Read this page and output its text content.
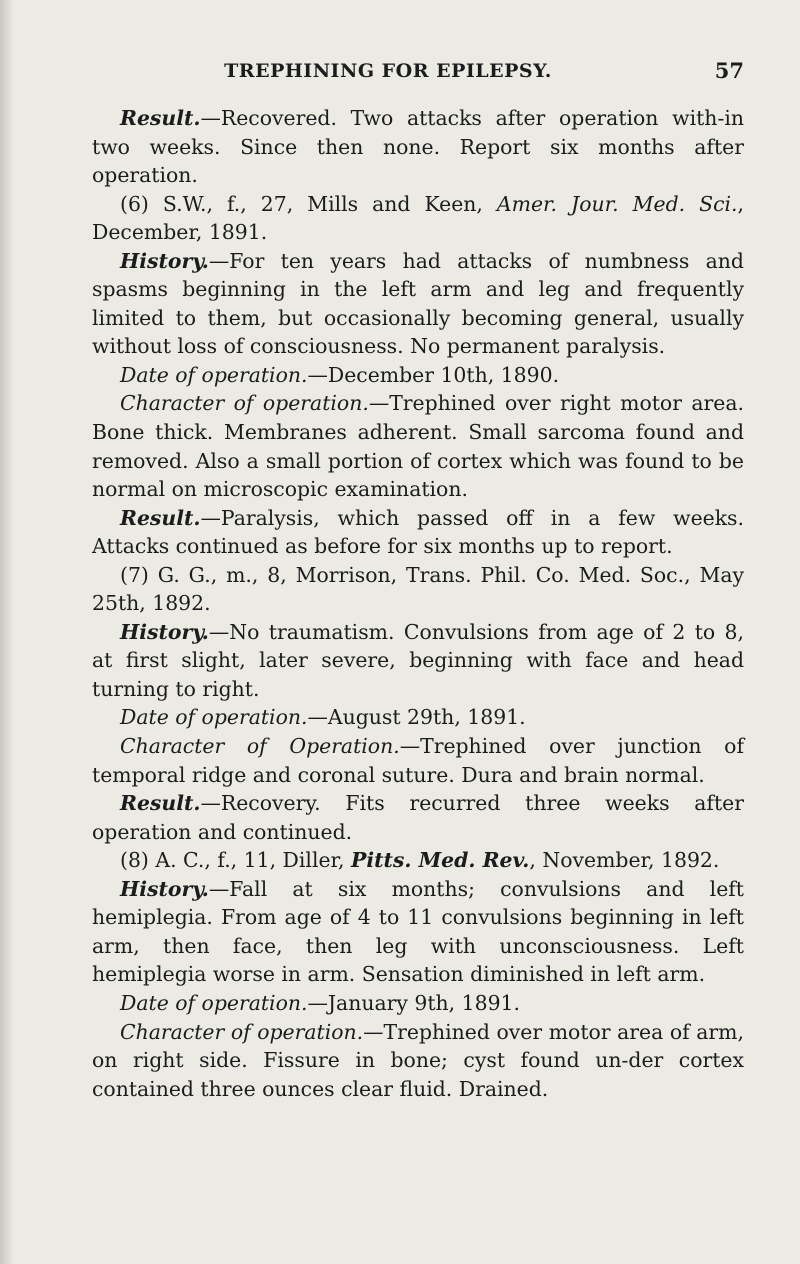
TREPHINING FOR EPILEPSY.	57

Result.—Recovered. Two attacks after operation with-in two weeks. Since then none. Report six months after operation.

(6) S.W., f., 27, Mills and Keen, Amer. Jour. Med. Sci., December, 1891.

History.—For ten years had attacks of numbness and spasms beginning in the left arm and leg and frequently limited to them, but occasionally becoming general, usually without loss of consciousness. No permanent paralysis.

Date of operation.—December 10th, 1890.

Character of operation.—Trephined over right motor area. Bone thick. Membranes adherent. Small sarcoma found and removed. Also a small portion of cortex which was found to be normal on microscopic examination.

Result.—Paralysis, which passed off in a few weeks. Attacks continued as before for six months up to report.

(7) G. G., m., 8, Morrison, Trans. Phil. Co. Med. Soc., May 25th, 1892.

History.—No traumatism. Convulsions from age of 2 to 8, at first slight, later severe, beginning with face and head turning to right.

Date of operation.—August 29th, 1891.

Character of Operation.—Trephined over junction of temporal ridge and coronal suture. Dura and brain normal.

Result.—Recovery. Fits recurred three weeks after operation and continued.

(8) A. C., f., 11, Diller, Pitts. Med. Rev., November, 1892.

History.—Fall at six months; convulsions and left hemiplegia. From age of 4 to 11 convulsions beginning in left arm, then face, then leg with unconsciousness. Left hemiplegia worse in arm. Sensation diminished in left arm.

Date of operation.—January 9th, 1891.

Character of operation.—Trephined over motor area of arm, on right side. Fissure in bone; cyst found un-der cortex contained three ounces clear fluid. Drained.
